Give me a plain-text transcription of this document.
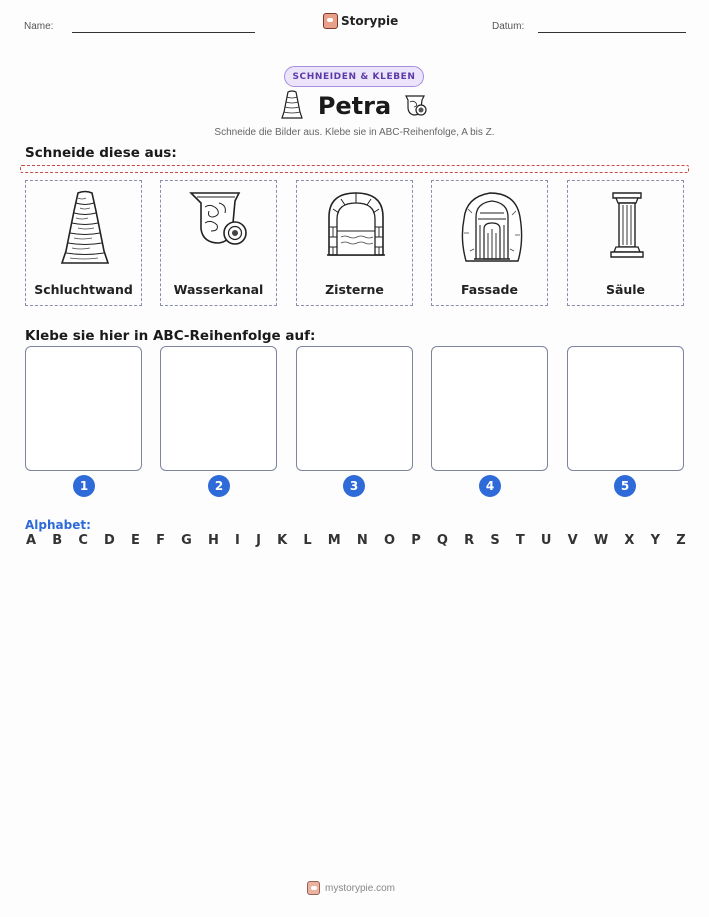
Name:	Storypie	Datum:
SCHNEIDEN & KLEBEN
Petra
Schneide die Bilder aus. Klebe sie in ABC-Reihenfolge, A bis Z.
Schneide diese aus:
Schluchtwand	Wasserkanal	Zisterne	Fassade	Säule
Klebe sie hier in ABC-Reihenfolge auf:
1	2	3	4	5
Alphabet:
A B C D E F G H I J K L M N O P Q R S T U V W X Y Z
mystorypie.com
